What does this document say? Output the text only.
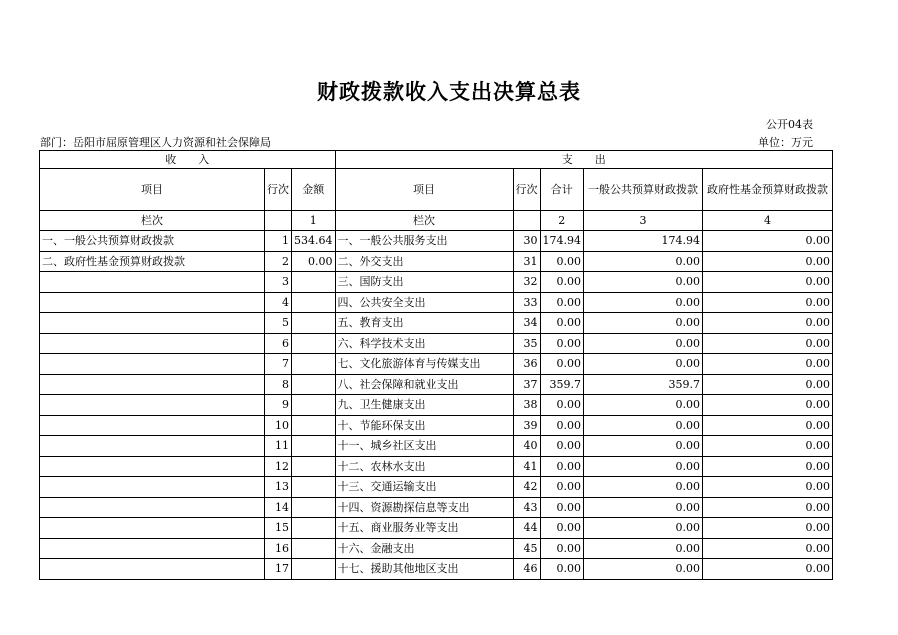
财政拨款收入支出决算总表
公开04表
部门：岳阳市屈原管理区人力资源和社会保障局	单位：万元
收　　入			支　　出				
项目	行次	金额	项目	行次	合计	一般公共预算财政拨款	政府性基金预算财政拨款
栏次		1	栏次		2	3	4
一、一般公共预算财政拨款	1	534.64	一、一般公共服务支出	30	174.94	174.94	0.00
二、政府性基金预算财政拨款	2	0.00	二、外交支出	31	0.00	0.00	0.00
	3		三、国防支出	32	0.00	0.00	0.00
	4		四、公共安全支出	33	0.00	0.00	0.00
	5		五、教育支出	34	0.00	0.00	0.00
	6		六、科学技术支出	35	0.00	0.00	0.00
	7		七、文化旅游体育与传媒支出	36	0.00	0.00	0.00
	8		八、社会保障和就业支出	37	359.7	359.7	0.00
	9		九、卫生健康支出	38	0.00	0.00	0.00
	10		十、节能环保支出	39	0.00	0.00	0.00
	11		十一、城乡社区支出	40	0.00	0.00	0.00
	12		十二、农林水支出	41	0.00	0.00	0.00
	13		十三、交通运输支出	42	0.00	0.00	0.00
	14		十四、资源勘探信息等支出	43	0.00	0.00	0.00
	15		十五、商业服务业等支出	44	0.00	0.00	0.00
	16		十六、金融支出	45	0.00	0.00	0.00
	17		十七、援助其他地区支出	46	0.00	0.00	0.00
